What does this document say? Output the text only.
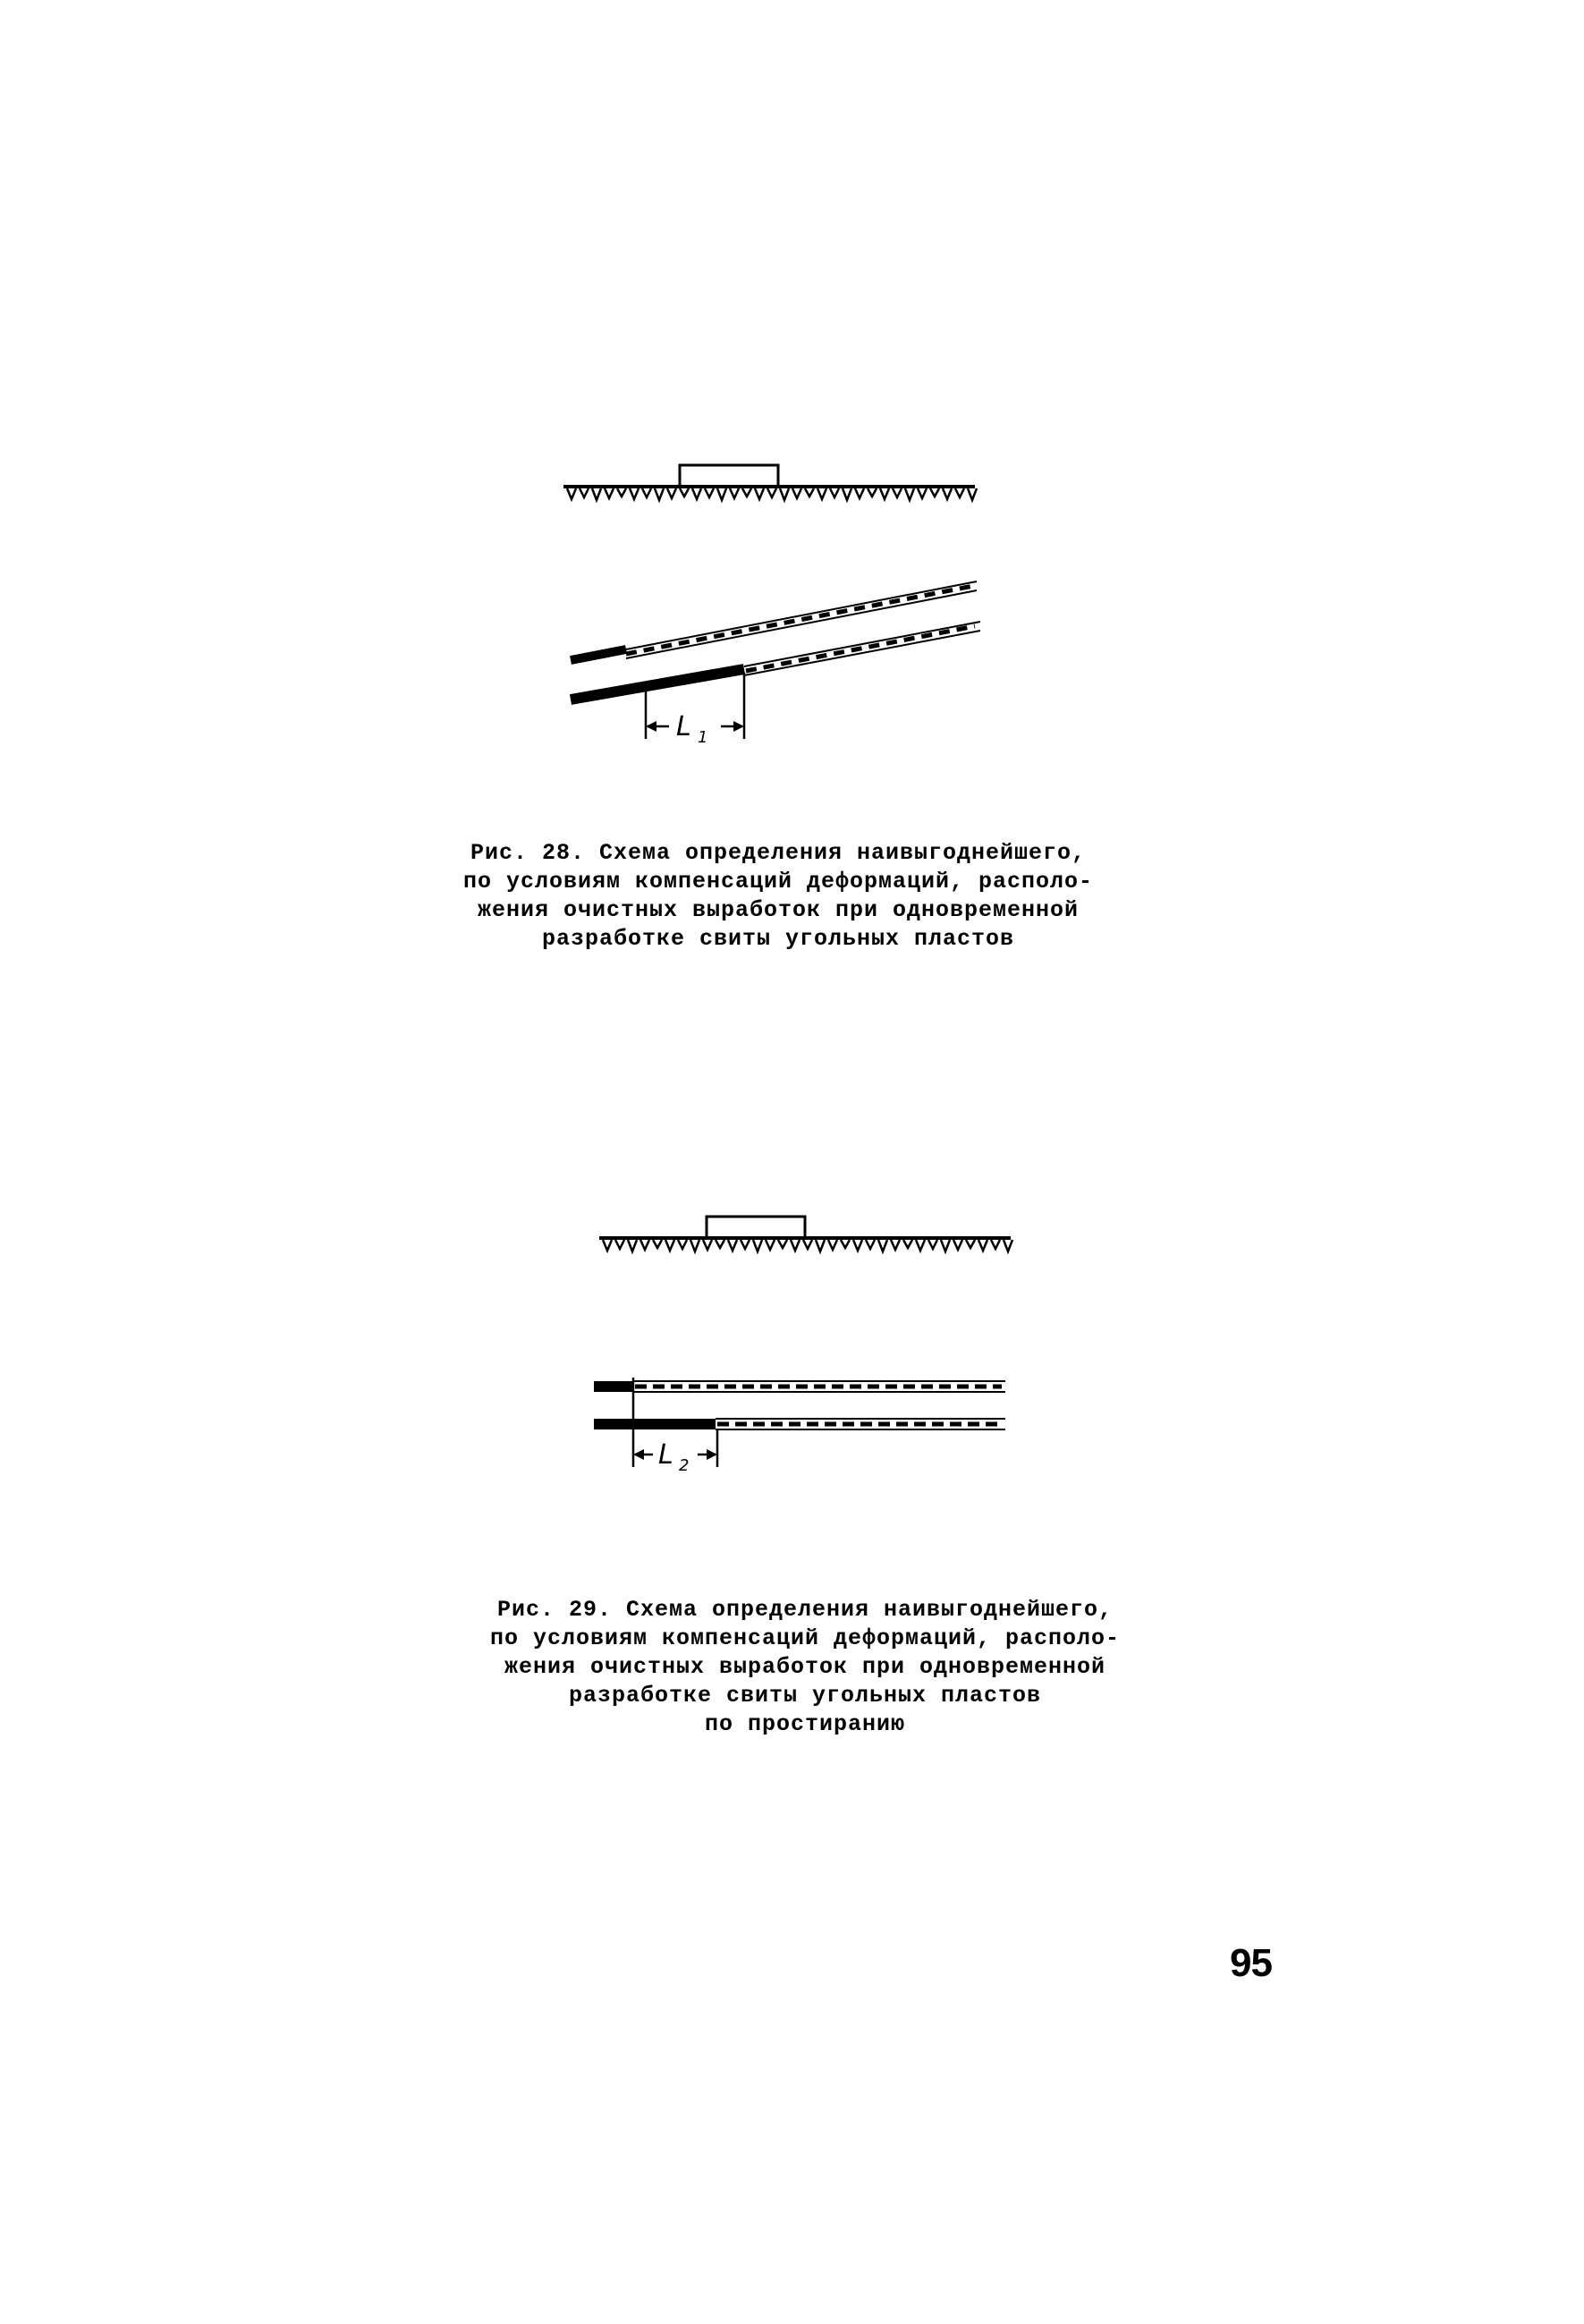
L 1

Рис. 28. Схема определения наивыгоднейшего,
по условиям компенсаций деформаций, располо-
жения очистных выработок при одновременной
разработке свиты угольных пластов

L 2

Рис. 29. Схема определения наивыгоднейшего,
по условиям компенсаций деформаций, располо-
жения очистных выработок при одновременной
разработке свиты угольных пластов
по простиранию

95
